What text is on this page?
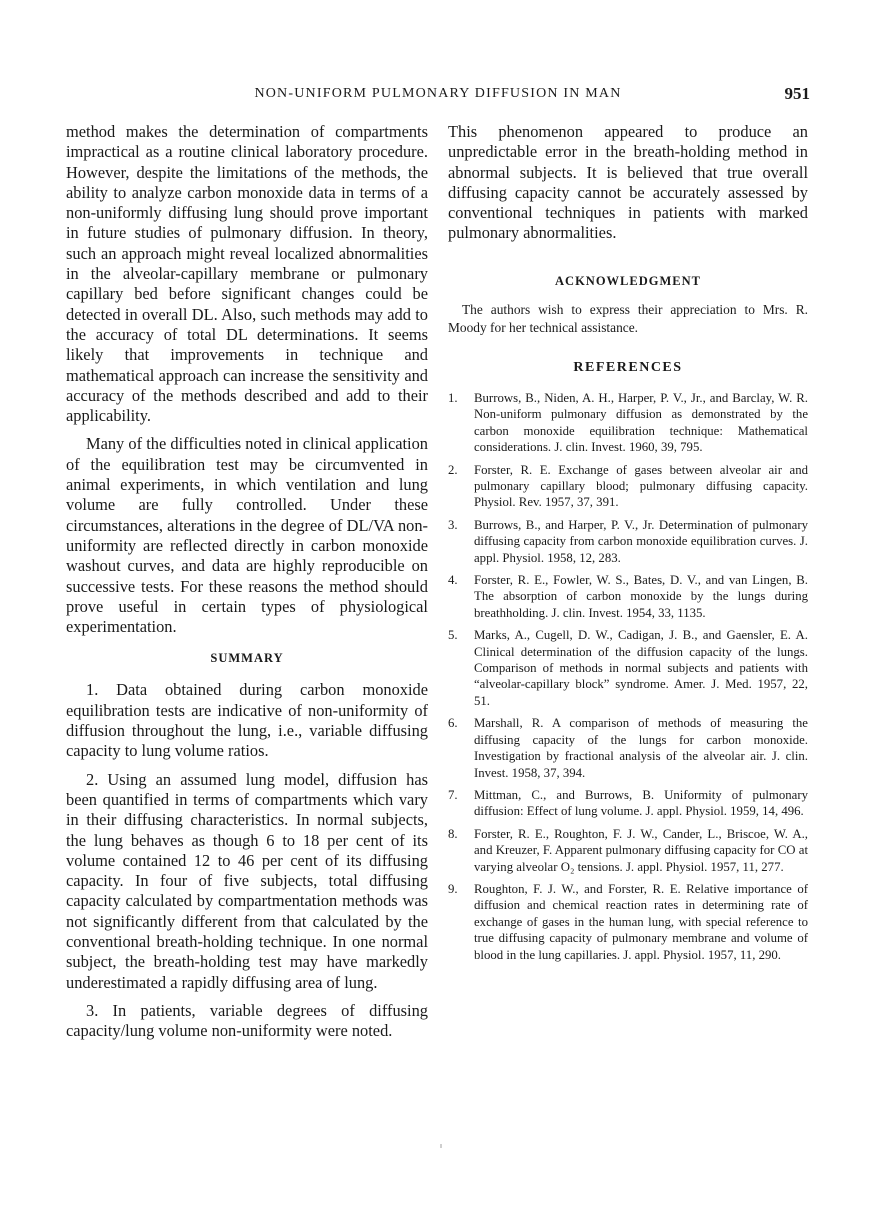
NON-UNIFORM PULMONARY DIFFUSION IN MAN	951

method makes the determination of compartments impractical as a routine clinical laboratory procedure. However, despite the limitations of the methods, the ability to analyze carbon monoxide data in terms of a non-uniformly diffusing lung should prove important in future studies of pulmonary diffusion. In theory, such an approach might reveal localized abnormalities in the alveolar-capillary membrane or pulmonary capillary bed before significant changes could be detected in overall DL. Also, such methods may add to the accuracy of total DL determinations. It seems likely that improvements in technique and mathematical approach can increase the sensitivity and accuracy of the methods described and add to their applicability.

Many of the difficulties noted in clinical application of the equilibration test may be circumvented in animal experiments, in which ventilation and lung volume are fully controlled. Under these circumstances, alterations in the degree of DL/VA non-uniformity are reflected directly in carbon monoxide washout curves, and data are highly reproducible on successive tests. For these reasons the method should prove useful in certain types of physiological experimentation.

SUMMARY

1. Data obtained during carbon monoxide equilibration tests are indicative of non-uniformity of diffusion throughout the lung, i.e., variable diffusing capacity to lung volume ratios.

2. Using an assumed lung model, diffusion has been quantified in terms of compartments which vary in their diffusing characteristics. In normal subjects, the lung behaves as though 6 to 18 per cent of its volume contained 12 to 46 per cent of its diffusing capacity. In four of five subjects, total diffusing capacity calculated by compartmentation methods was not significantly different from that calculated by the conventional breath-holding technique. In one normal subject, the breath-holding test may have markedly underestimated a rapidly diffusing area of lung.

3. In patients, variable degrees of diffusing capacity/lung volume non-uniformity were noted.

This phenomenon appeared to produce an unpredictable error in the breath-holding method in abnormal subjects. It is believed that true overall diffusing capacity cannot be accurately assessed by conventional techniques in patients with marked pulmonary abnormalities.

ACKNOWLEDGMENT

The authors wish to express their appreciation to Mrs. R. Moody for her technical assistance.

REFERENCES
1. Burrows, B., Niden, A. H., Harper, P. V., Jr., and Barclay, W. R. Non-uniform pulmonary diffusion as demonstrated by the carbon monoxide equilibration technique: Mathematical considerations. J. clin. Invest. 1960, 39, 795.
2. Forster, R. E. Exchange of gases between alveolar air and pulmonary capillary blood; pulmonary diffusing capacity. Physiol. Rev. 1957, 37, 391.
3. Burrows, B., and Harper, P. V., Jr. Determination of pulmonary diffusing capacity from carbon monoxide equilibration curves. J. appl. Physiol. 1958, 12, 283.
4. Forster, R. E., Fowler, W. S., Bates, D. V., and van Lingen, B. The absorption of carbon monoxide by the lungs during breathholding. J. clin. Invest. 1954, 33, 1135.
5. Marks, A., Cugell, D. W., Cadigan, J. B., and Gaensler, E. A. Clinical determination of the diffusion capacity of the lungs. Comparison of methods in normal subjects and patients with “alveolar-capillary block” syndrome. Amer. J. Med. 1957, 22, 51.
6. Marshall, R. A comparison of methods of measuring the diffusing capacity of the lungs for carbon monoxide. Investigation by fractional analysis of the alveolar air. J. clin. Invest. 1958, 37, 394.
7. Mittman, C., and Burrows, B. Uniformity of pulmonary diffusion: Effect of lung volume. J. appl. Physiol. 1959, 14, 496.
8. Forster, R. E., Roughton, F. J. W., Cander, L., Briscoe, W. A., and Kreuzer, F. Apparent pulmonary diffusing capacity for CO at varying alveolar O₂ tensions. J. appl. Physiol. 1957, 11, 277.
9. Roughton, F. J. W., and Forster, R. E. Relative importance of diffusion and chemical reaction rates in determining rate of exchange of gases in the human lung, with special reference to true diffusing capacity of pulmonary membrane and volume of blood in the lung capillaries. J. appl. Physiol. 1957, 11, 290.
